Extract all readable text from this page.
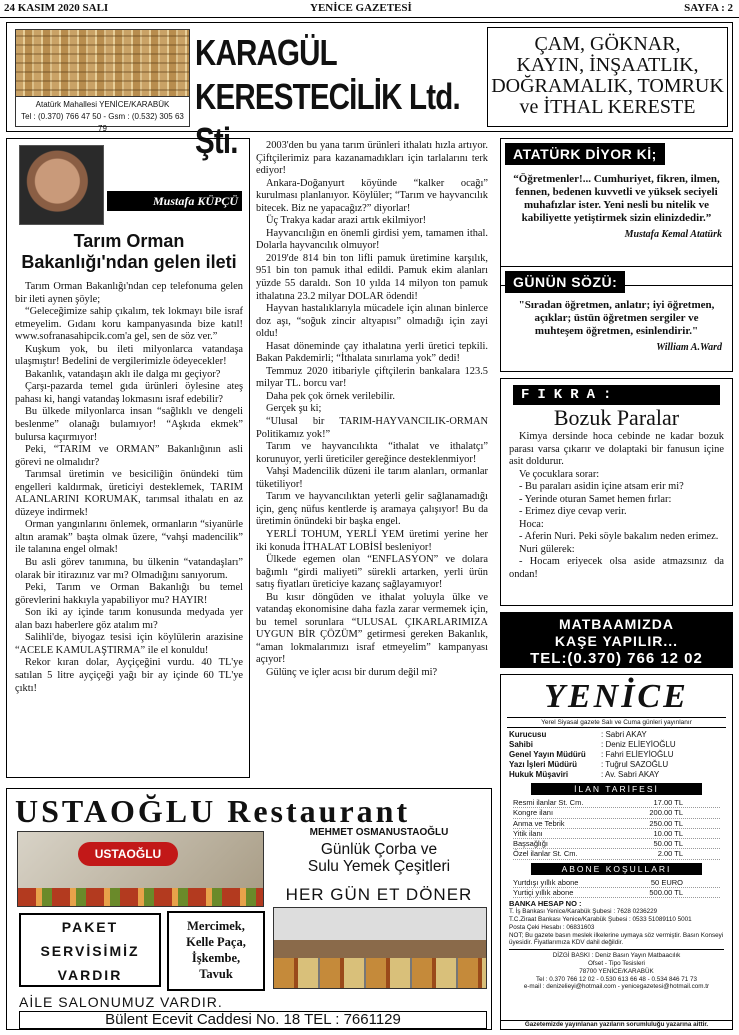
24 KASIM 2020 SALI	YENİCE GAZETESİ	SAYFA : 2
Atatürk Mahallesi YENİCE/KARABÜK
Tel : (0.370) 766 47 50 - Gsm : (0.532) 305 63 79
KARAGÜL
KERESTECİLİK Ltd. Şti.
ÇAM, GÖKNAR,
KAYIN, İNŞAATLIK,
DOĞRAMALIK, TOMRUK
ve İTHAL KERESTE
Mustafa KÜPÇÜ
Tarım Orman
Bakanlığı'ndan gelen ileti

Tarım Orman Bakanlığı'ndan cep telefonuma gelen bir ileti aynen şöyle;

“Geleceğimize sahip çıkalım, tek lokmayı bile israf etmeyelim. Gıdanı koru kampanyasında bize katıl! www.sofranasahipcik.com'a gel, sen de söz ver.”

Kuşkum yok, bu ileti milyonlarca vatandaşa ulaşmıştır! Bedelini de vergilerimizle ödeyecekler!

Bakanlık, vatandaşın aklı ile dalga mı geçiyor?

Çarşı-pazarda temel gıda ürünleri öylesine ateş pahası ki, hangi vatandaş lokmasını israf edebilir?

Bu ülkede milyonlarca insan “sağlıklı ve dengeli beslenme” olanağı bulamıyor! “Aşkıda ekmek” bulursa kaçırmıyor!

Peki, “TARIM ve ORMAN” Bakanlığının asli görevi ne olmalıdır?

Tarımsal üretimin ve besiciliğin önündeki tüm engelleri kaldırmak, üreticiyi desteklemek, TARIM ALANLARINI KORUMAK, tarımsal ithalatı en az düzeye indirmek!

Orman yangınlarını önlemek, ormanların “siyanürle altın aramak” başta olmak üzere, “vahşi madencilik” ile talanına engel olmak!

Bu asli görev tanımına, bu ülkenin “vatandaşları” olarak bir itirazınız var mı? Olmadığını sanıyorum.

Peki, Tarım ve Orman Bakanlığı bu temel görevlerini hakkıyla yapabiliyor mu? HAYIR!

Son iki ay içinde tarım konusunda medyada yer alan bazı haberlere göz atalım mı?

Salihli'de, biyogaz tesisi için köylülerin arazisine “ACELE KAMULAŞTIRMA” ile el konuldu!

Rekor kıran dolar, Ayçiçeğini vurdu. 40 TL'ye satılan 5 litre ayçiçeği yağı bir ay içinde 60 TL'ye çıktı!

2003'den bu yana tarım ürünleri ithalatı hızla artıyor. Çiftçilerimiz para kazanamadıkları için tarlalarını terk ediyor!

Ankara-Doğanyurt köyünde “kalker ocağı” kurulması planlanıyor. Köylüler; “Tarım ve hayvancılık bitecek. Biz ne yapacağız?” diyorlar!

Üç Trakya kadar arazi artık ekilmiyor!

Hayvancılığın en önemli girdisi yem, tamamen ithal. Dolarla hayvancılık olmuyor!

2019'de 814 bin ton lifli pamuk üretimine karşılık, 951 bin ton pamuk ithal edildi. Pamuk ekim alanları yüzde 55 daraldı. Son 10 yılda 14 milyon ton pamuk ithalatına 23.2 milyar DOLAR ödendi!

Hayvan hastalıklarıyla mücadele için alınan binlerce doz aşı, “soğuk zincir altyapısı” olmadığı için zayi oldu!

Hasat döneminde çay ithalatına yerli üretici tepkili. Bakan Pakdemirli; “İthalata sınırlama yok” dedi!

Temmuz 2020 itibariyle çiftçilerin bankalara 123.5 milyar TL. borcu var!

Daha pek çok örnek verilebilir.

Gerçek şu ki;

“Ulusal bir TARIM-HAYVANCILIK-ORMAN Politikamız yok!”

Tarım ve hayvancılıkta “ithalat ve ithalatçı” korunuyor, yerli üreticiler gereğince desteklenmiyor!

Vahşi Madencilik düzeni ile tarım alanları, ormanlar tüketiliyor!

Tarım ve hayvancılıktan yeterli gelir sağlanamadığı için, genç nüfus kentlerde iş aramaya çalışıyor! Bu da üretimin önündeki bir başka engel.

YERLİ TOHUM, YERLİ YEM üretimi yerine her iki konuda İTHALAT LOBİSİ besleniyor!

Ülkede egemen olan “ENFLASYON” ve dolara bağımlı “girdi maliyeti” sürekli artarken, yerli ürün satış fiyatları üreticiye kazanç sağlayamıyor!

Bu kısır döngüden ve ithalat yoluyla ülke ve vatandaş ekonomisine daha fazla zarar vermemek için, bu temel sorunlara “ULUSAL ÇIKARLARIMIZA UYGUN BİR ÇÖZÜM” getirmesi gereken Bakanlık, “aman lokmalarımızı israf etmeyelim” kampanyası açıyor!

Gülünç ve içler acısı bir durum değil mi?

ATATÜRK DİYOR Kİ;
“Öğretmenler!... Cumhuriyet, fikren, ilmen, fennen, bedenen kuvvetli ve yüksek seciyeli muhafızlar ister. Yeni nesli bu nitelik ve kabiliyette yetiştirmek sizin elinizdedir.”
Mustafa Kemal Atatürk
GÜNÜN SÖZÜ:
"Sıradan öğretmen, anlatır; iyi öğretmen, açıklar; üstün öğretmen sergiler ve muhteşem öğretmen, esinlendirir."
William A.Ward
FIKRA:
Bozuk Paralar

Kimya dersinde hoca cebinde ne kadar bozuk parası varsa çıkarır ve dolaptaki bir fanusun içine asit doldurur.

Ve çocuklara sorar:

- Bu paraları asidin içine atsam erir mi?

- Yerinde oturan Samet hemen fırlar:

- Erimez diye cevap verir.

Hoca:

- Aferin Nuri. Peki söyle bakalım neden erimez.

Nuri gülerek:

- Hocam eriyecek olsa aside atmazsınız da ondan!

MATBAAMIZDA
KAŞE YAPILIR...
TEL:(0.370) 766 12 02
YENİCE
Yerel Siyasal gazete Salı ve Cuma günleri yayınlanır
Kurucusu	: Sabri AKAY
Sahibi	: Deniz ELİEYİOĞLU
Genel Yayın Müdürü	: Fahri ELİEYİOĞLU
Yazı İşleri Müdürü	: Tuğrul SAZOĞLU
Hukuk Müşaviri	: Av. Sabri AKAY
İLAN TARİFESİ
Resmi ilanlar St. Cm.	17.00 TL
Kongre ilanı	200.00 TL
Anma ve Tebrik	250.00 TL
Yitik ilanı	10.00 TL
Başsağlığı	50.00 TL
Özel ilanlar St. Cm.	2.00 TL
ABONE KOŞULLARI
Yurtdışı yıllık abone	50 EURO
Yurtiçi yıllık abone	500.00 TL
BANKA HESAP NO :
T. İş Bankası Yenice/Karabük Şubesi : 7628 0236229
T.C.Ziraat Bankası Yenice/Karabük Şubesi : 0533 51089110 5001
Posta Çeki Hesabı : 06831603
NOT; Bu gazete basın meslek ilkelerine uymaya söz vermiştir. Basın Konseyi üyesidir. Fiyatlarımıza KDV dahil değildir.
DİZGİ BASKI : Deniz Basın Yayın Matbaacılık
Ofset - Tipo Tesisleri
78700 YENİCE/KARABÜK
Tel : 0.370 766 12 02 - 0.530 613 66 48 - 0.534 846 71 73
e-mail : denizelieyi@hotmail.com - yenicegazetesi@hotmail.com.tr
Gazetemizde yayınlanan yazıların sorumluluğu yazarına aittir.
USTAOĞLU Restaurant
USTAOĞLU
MEHMET OSMANUSTAOĞLU
Günlük Çorba ve
Sulu Yemek Çeşitleri
HER GÜN ET DÖNER
PAKET
SERVİSİMİZ
VARDIR
Mercimek,
Kelle Paça,
İşkembe,
Tavuk
AİLE SALONUMUZ VARDIR.
Bülent Ecevit Caddesi No. 18 TEL : 7661129
